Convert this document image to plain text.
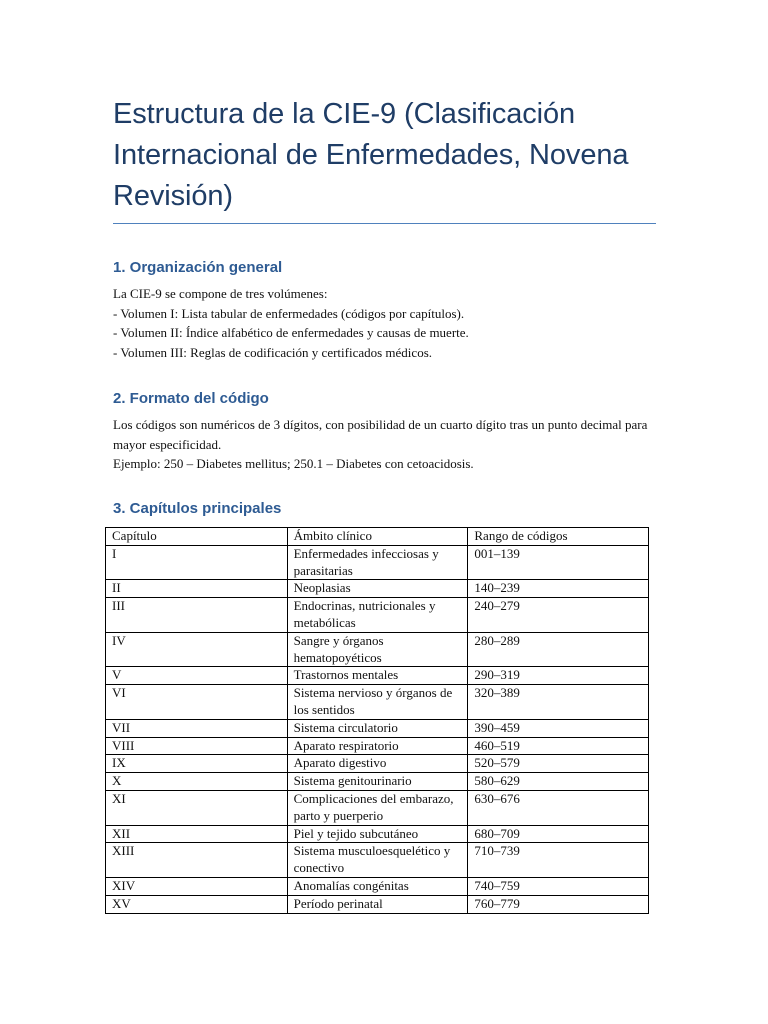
Estructura de la CIE-9 (Clasificación Internacional de Enfermedades, Novena Revisión)
1. Organización general

La CIE-9 se compone de tres volúmenes:
- Volumen I: Lista tabular de enfermedades (códigos por capítulos).
- Volumen II: Índice alfabético de enfermedades y causas de muerte.
- Volumen III: Reglas de codificación y certificados médicos.

2. Formato del código

Los códigos son numéricos de 3 dígitos, con posibilidad de un cuarto dígito tras un punto decimal para mayor especificidad.
Ejemplo: 250 – Diabetes mellitus; 250.1 – Diabetes con cetoacidosis.

3. Capítulos principales
Capítulo	Ámbito clínico	Rango de códigos
I	Enfermedades infecciosas y parasitarias	001–139
II	Neoplasias	140–239
III	Endocrinas, nutricionales y metabólicas	240–279
IV	Sangre y órganos hematopoyéticos	280–289
V	Trastornos mentales	290–319
VI	Sistema nervioso y órganos de los sentidos	320–389
VII	Sistema circulatorio	390–459
VIII	Aparato respiratorio	460–519
IX	Aparato digestivo	520–579
X	Sistema genitourinario	580–629
XI	Complicaciones del embarazo, parto y puerperio	630–676
XII	Piel y tejido subcutáneo	680–709
XIII	Sistema musculoesquelético y conectivo	710–739
XIV	Anomalías congénitas	740–759
XV	Período perinatal	760–779
